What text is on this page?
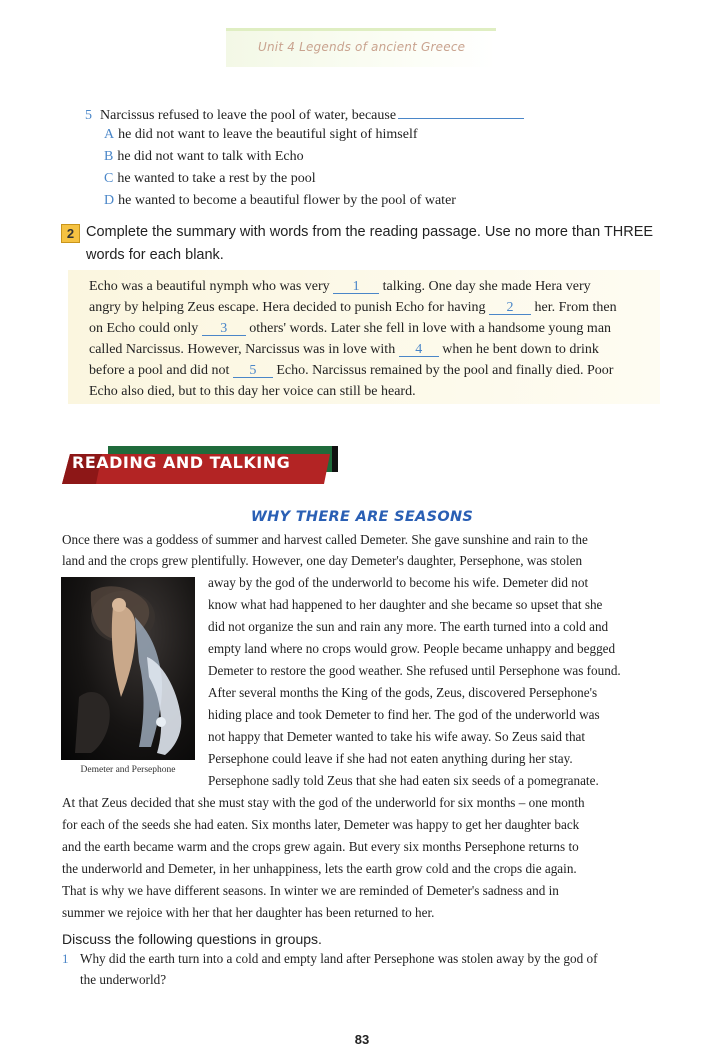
Unit 4 Legends of ancient Greece
5 Narcissus refused to leave the pool of water, because
A he did not want to leave the beautiful sight of himself
B he did not want to talk with Echo
C he wanted to take a rest by the pool
D he wanted to become a beautiful flower by the pool of water
2 Complete the summary with words from the reading passage. Use no more than THREE
words for each blank.
Echo was a beautiful nymph who was very 1 talking. One day she made Hera very
angry by helping Zeus escape. Hera decided to punish Echo for having 2 her. From then
on Echo could only 3 others' words. Later she fell in love with a handsome young man
called Narcissus. However, Narcissus was in love with 4 when he bent down to drink
before a pool and did not 5 Echo. Narcissus remained by the pool and finally died. Poor
Echo also died, but to this day her voice can still be heard.
READING AND TALKING
WHY THERE ARE SEASONS
Once there was a goddess of summer and harvest called Demeter. She gave sunshine and rain to the
land and the crops grew plentifully. However, one day Demeter's daughter, Persephone, was stolen
away by the god of the underworld to become his wife. Demeter did not
know what had happened to her daughter and she became so upset that she
did not organize the sun and rain any more. The earth turned into a cold and
empty land where no crops would grow. People became unhappy and begged
Demeter to restore the good weather. She refused until Persephone was found.
After several months the King of the gods, Zeus, discovered Persephone's
hiding place and took Demeter to find her. The god of the underworld was
not happy that Demeter wanted to take his wife away. So Zeus said that
Persephone could leave if she had not eaten anything during her stay.
Persephone sadly told Zeus that she had eaten six seeds of a pomegranate.
At that Zeus decided that she must stay with the god of the underworld for six months – one month
for each of the seeds she had eaten. Six months later, Demeter was happy to get her daughter back
and the earth became warm and the crops grew again. But every six months Persephone returns to
the underworld and Demeter, in her unhappiness, lets the earth grow cold and the crops die again.
That is why we have different seasons. In winter we are reminded of Demeter's sadness and in
summer we rejoice with her that her daughter has been returned to her.
Demeter and Persephone
Discuss the following questions in groups.
1 Why did the earth turn into a cold and empty land after Persephone was stolen away by the god of
the underworld?
83
